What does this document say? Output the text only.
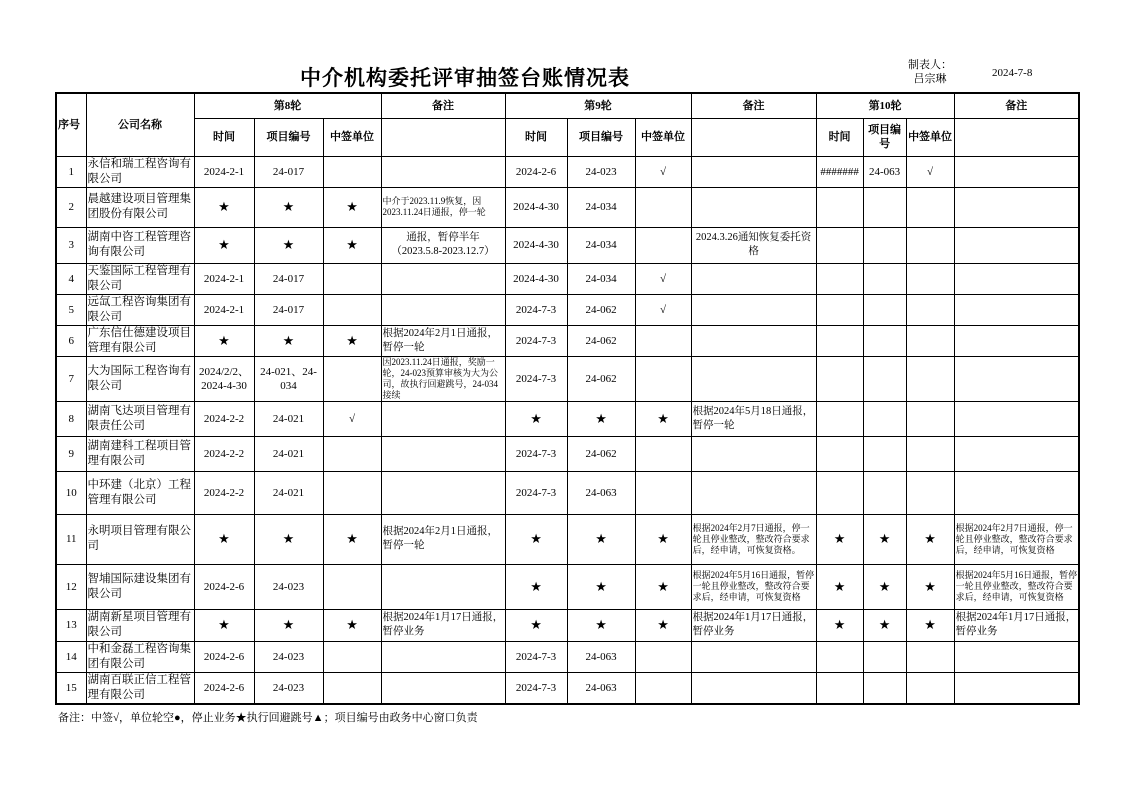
中介机构委托评审抽签台账情况表
制表人：吕宗琳	2024-7-8
序号	公司名称	第8轮			备注	第9轮			备注	第10轮			备注
		时间	项目编号	中签单位		时间	项目编号	中签单位		时间	项目编号	中签单位	
1	永信和瑞工程咨询有限公司	2024-2-1	24-017			2024-2-6	24-023	√		#######	24-063	√	
2	晨越建设项目管理集团股份有限公司	★	★	★	中介于2023.11.9恢复，因2023.11.24日通报，停一轮	2024-4-30	24-034						
3	湖南中咨工程管理咨询有限公司	★	★	★	通报，暂停半年（2023.5.8-2023.12.7）	2024-4-30	24-034		2024.3.26通知恢复委托资格				
4	天鉴国际工程管理有限公司	2024-2-1	24-017			2024-4-30	24-034	√					
5	远氙工程咨询集团有限公司	2024-2-1	24-017			2024-7-3	24-062	√					
6	广东信仕德建设项目管理有限公司	★	★	★	根据2024年2月1日通报，暂停一轮	2024-7-3	24-062						
7	大为国际工程咨询有限公司	2024/2/2、2024-4-30	24-021、24-034		因2023.11.24日通报，奖励一轮，24-023预算审核为大为公司，故执行回避跳号，24-034接续	2024-7-3	24-062						
8	湖南飞达项目管理有限责任公司	2024-2-2	24-021	√		★	★	★	根据2024年5月18日通报，暂停一轮				
9	湖南建科工程项目管理有限公司	2024-2-2	24-021			2024-7-3	24-062						
10	中环建（北京）工程管理有限公司	2024-2-2	24-021			2024-7-3	24-063						
11	永明项目管理有限公司	★	★	★	根据2024年2月1日通报，暂停一轮	★	★	★	根据2024年2月7日通报，停一轮且停业整改，整改符合要求后，经申请，可恢复资格。	★	★	★	根据2024年2月7日通报，停一轮且停业整改，整改符合要求后，经申请，可恢复资格
12	智埔国际建设集团有限公司	2024-2-6	24-023			★	★	★	根据2024年5月16日通报，暂停一轮且停业整改，整改符合要求后，经申请，可恢复资格	★	★	★	根据2024年5月16日通报，暂停一轮且停业整改，整改符合要求后，经申请，可恢复资格
13	湖南新星项目管理有限公司	★	★	★	根据2024年1月17日通报，暂停业务	★	★	★	根据2024年1月17日通报，暂停业务	★	★	★	根据2024年1月17日通报，暂停业务
14	中和金磊工程咨询集团有限公司	2024-2-6	24-023			2024-7-3	24-063						
15	湖南百联正信工程管理有限公司	2024-2-6	24-023			2024-7-3	24-063						
备注：中签√，单位轮空●，停止业务★执行回避跳号▲；项目编号由政务中心窗口负责
